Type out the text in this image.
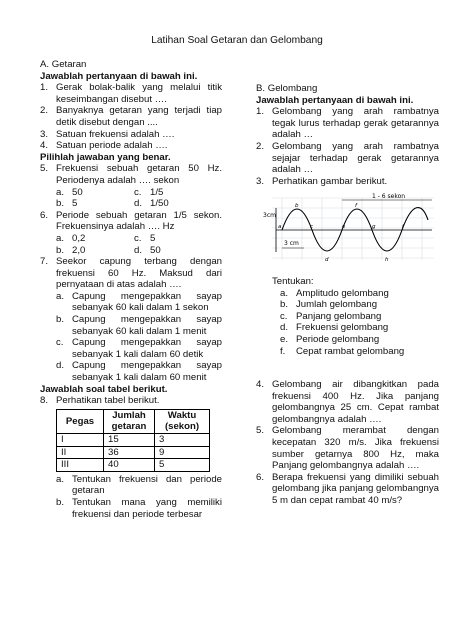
Latihan Soal Getaran dan Gelombang
A. Getaran
Jawablah pertanyaan di bawah ini.
1. Gerak bolak-balik yang melalui titik keseimbangan disebut ….
2. Banyaknya getaran yang terjadi tiap detik disebut dengan ....
3. Satuan frekuensi adalah ….
4. Satuan periode adalah ….
Pilihlah jawaban yang benar.
5. Frekuensi sebuah getaran 50 Hz. Periodenya adalah …. sekon
a. 50	c. 1/5
b. 5	d. 1/50
6. Periode sebuah getaran 1/5 sekon. Frekuensinya adalah …. Hz
a. 0,2	c. 5
b. 2,0	d. 50
7. Seekor capung terbang dengan frekuensi 60 Hz. Maksud dari pernyataan di atas adalah ….
a. Capung mengepakkan sayap sebanyak 60 kali dalam 1 sekon
b. Capung mengepakkan sayap sebanyak 60 kali dalam 1 menit
c. Capung mengepakkan sayap sebanyak 1 kali dalam 60 detik
d. Capung mengepakkan sayap sebanyak 1 kali dalam 60 menit
Jawablah soal tabel berikut.
8. Perhatikan tabel berikut.
Pegas	Jumlah getaran	Waktu (sekon)
I	15	3
II	36	9
III	40	5
a. Tentukan frekuensi dan periode getaran
b. Tentukan mana yang memiliki frekuensi dan periode terbesar
B. Gelombang
Jawablah pertanyaan di bawah ini.
1. Gelombang yang arah rambatnya tegak lurus terhadap gerak getarannya adalah …
2. Gelombang yang arah rambatnya sejajar terhadap gerak getarannya adalah …
3. Perhatikan gambar berikut.
1 - 6 sekon
3cm
3 cm
a
b
c
d
e
f
g
h
i
Tentukan:
a. Amplitudo gelombang
b. Jumlah gelombang
c. Panjang gelombang
d. Frekuensi gelombang
e. Periode gelombang
f.	Cepat rambat gelombang
4. Gelombang air dibangkitkan pada frekuensi 400 Hz. Jika panjang gelombangnya 25 cm. Cepat rambat gelombangnya adalah ….
5. Gelombang merambat dengan kecepatan 320 m/s. Jika frekuensi sumber getarnya 800 Hz, maka Panjang gelombangnya adalah ….
6. Berapa frekuensi yang dimiliki sebuah gelombang jika panjang gelombangnya 5 m dan cepat rambat 40 m/s?
